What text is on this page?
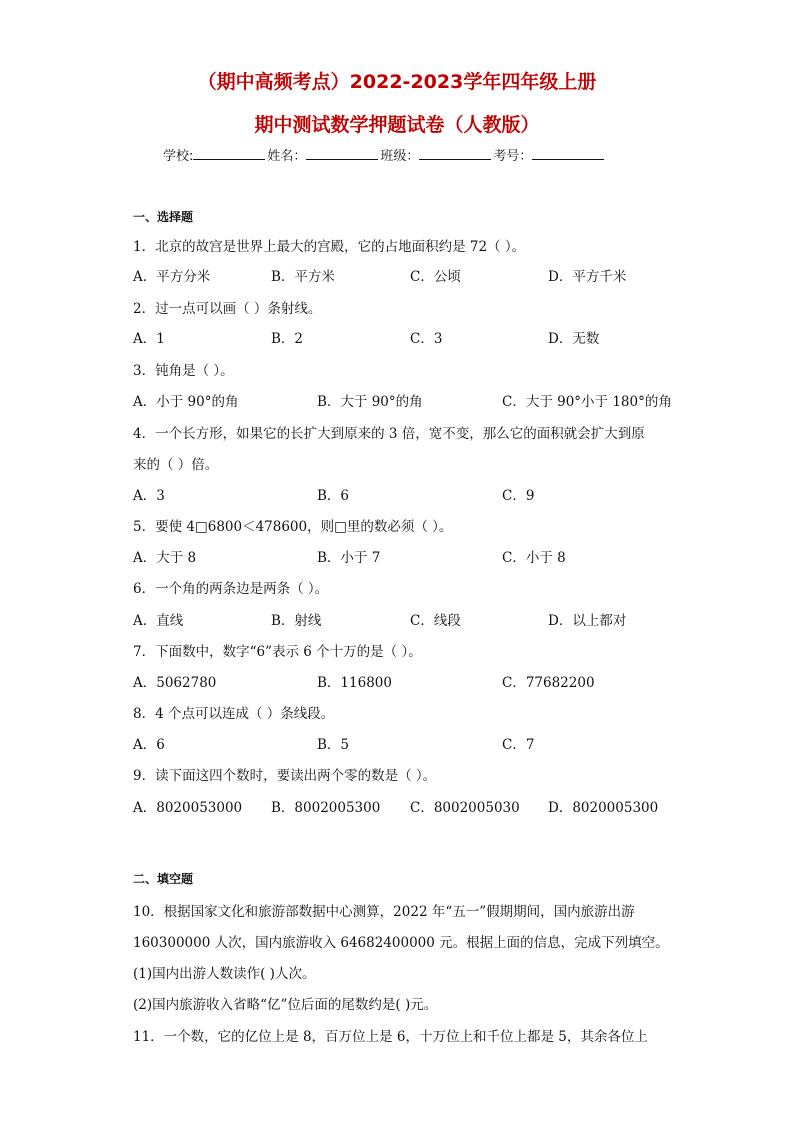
（期中高频考点）2022-2023学年四年级上册
期中测试数学押题试卷（人教版）
学校:	姓名：	班级：	考号：
一、选择题
1．北京的故宫是世界上最大的宫殿，它的占地面积约是 72（ ）。
A．平方分米	B．平方米	C．公顷	D．平方千米
2．过一点可以画（ ）条射线。
A．1	B．2	C．3	D．无数
3．钝角是（ ）。
A．小于 90°的角	B．大于 90°的角	C．大于 90°小于 180°的角
4．一个长方形，如果它的长扩大到原来的 3 倍，宽不变，那么它的面积就会扩大到原
来的（ ）倍。
A．3	B．6	C．9
5．要使 4□6800＜478600，则□里的数必须（ ）。
A．大于 8	B．小于 7	C．小于 8
6．一个角的两条边是两条（ ）。
A．直线	B．射线	C．线段	D．以上都对
7．下面数中，数字“6”表示 6 个十万的是（ ）。
A．5062780	B．116800	C．77682200
8．4 个点可以连成（ ）条线段。
A．6	B．5	C．7
9．读下面这四个数时，要读出两个零的数是（ ）。
A．8020053000 B．8002005300 C．8002005030 D．8020005300
二、填空题
10．根据国家文化和旅游部数据中心测算，2022 年“五一”假期期间，国内旅游出游
160300000 人次，国内旅游收入 64682400000 元。根据上面的信息，完成下列填空。
(1)国内出游人数读作( )人次。
(2)国内旅游收入省略“亿”位后面的尾数约是( )元。
11．一个数，它的亿位上是 8，百万位上是 6，十万位上和千位上都是 5，其余各位上
